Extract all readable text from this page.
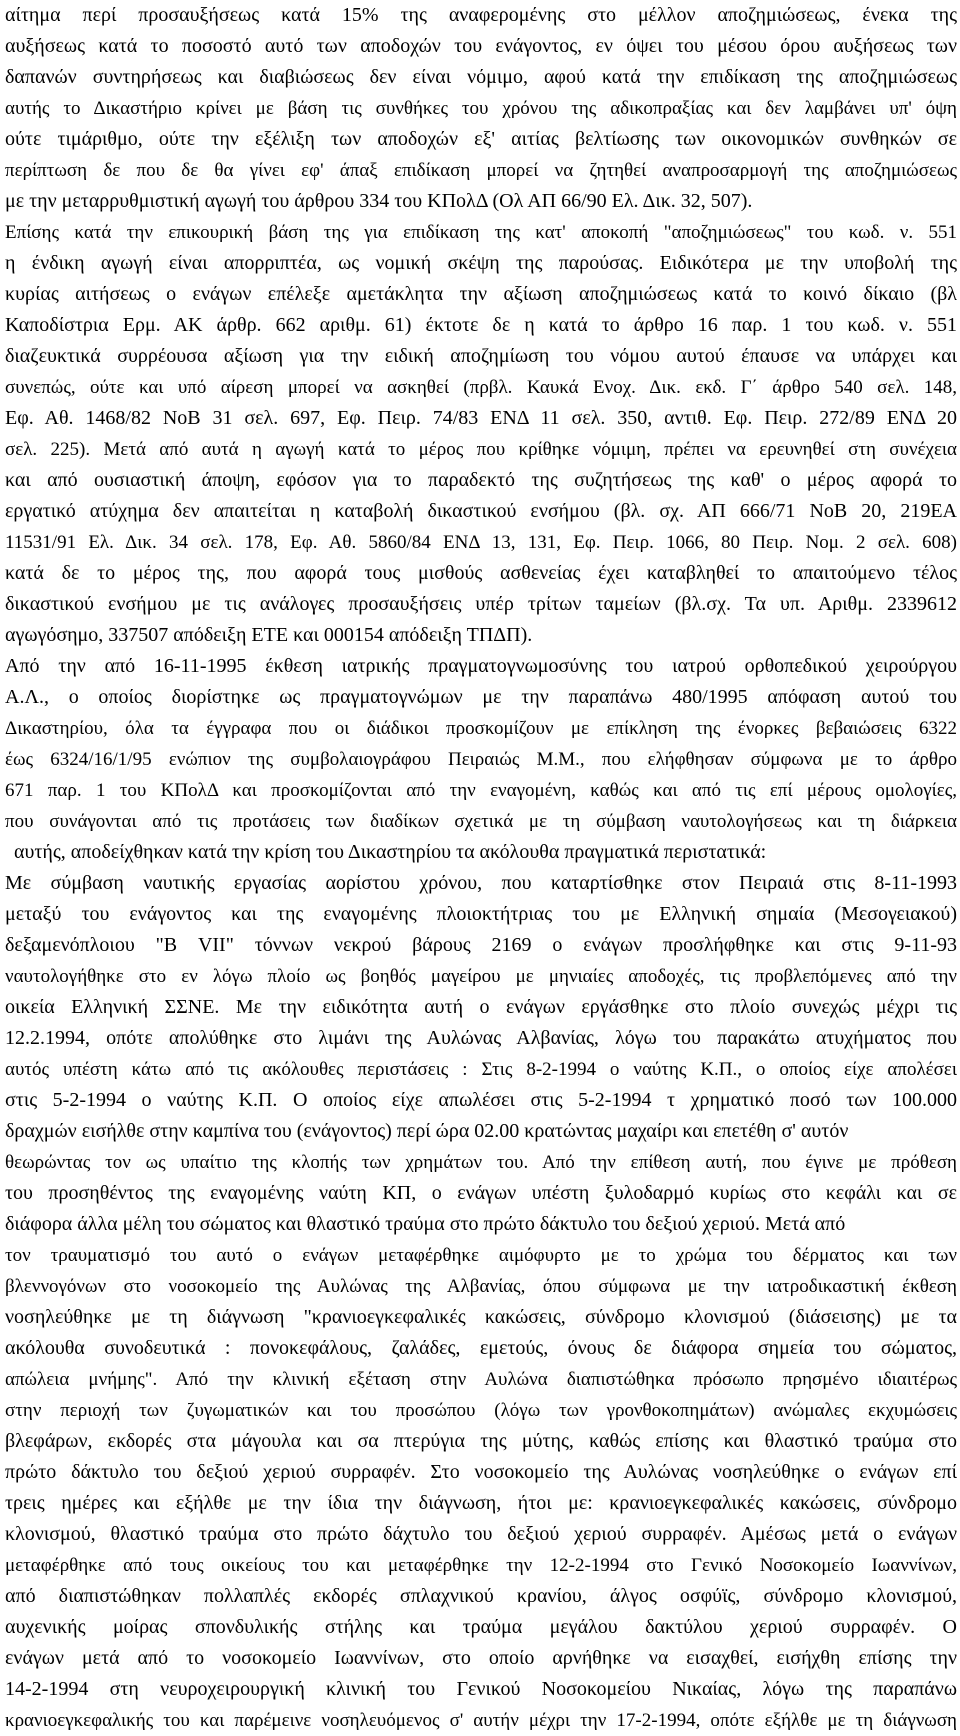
αίτημα περί προσαυξήσεως κατά 15% της αναφερομένης στο μέλλον αποζημιώσεως, ένεκα της
αυξήσεως κατά το ποσοστό αυτό των αποδοχών του ενάγοντος, εν όψει του μέσου όρου αυξήσεως των
δαπανών συντηρήσεως και διαβιώσεως δεν είναι νόμιμο, αφού κατά την επιδίκαση της αποζημιώσεως
αυτής το Δικαστήριο κρίνει με βάση τις συνθήκες του χρόνου της αδικοπραξίας και δεν λαμβάνει υπ' όψη
ούτε τιμάριθμο, ούτε την εξέλιξη των αποδοχών εξ' αιτίας βελτίωσης των οικονομικών συνθηκών σε
περίπτωση δε που δε θα γίνει εφ' άπαξ επιδίκαση μπορεί να ζητηθεί αναπροσαρμογή της αποζημιώσεως
με την μεταρρυθμιστική αγωγή του άρθρου 334 του ΚΠολΔ (Ολ ΑΠ 66/90 Ελ. Δικ. 32, 507).
Επίσης κατά την επικουρική βάση της για επιδίκαση της κατ' αποκοπή "αποζημιώσεως" του κωδ. ν. 551
η ένδικη αγωγή είναι απορριπτέα, ως νομική σκέψη της παρούσας. Ειδικότερα με την υποβολή της
κυρίας αιτήσεως ο ενάγων επέλεξε αμετάκλητα την αξίωση αποζημιώσεως κατά το κοινό δίκαιο (βλ
Καποδίστρια Ερμ. ΑΚ άρθρ. 662 αριθμ. 61) έκτοτε δε η κατά το άρθρο 16 παρ. 1 του κωδ. ν. 551
διαζευκτικά συρρέουσα αξίωση για την ειδική αποζημίωση του νόμου αυτού έπαυσε να υπάρχει και
συνεπώς, ούτε και υπό αίρεση μπορεί να ασκηθεί (πρβλ. Καυκά Ενοχ. Δικ. εκδ. Γ΄ άρθρο 540 σελ. 148,
Εφ. Αθ. 1468/82 ΝοΒ 31 σελ. 697, Εφ. Πειρ. 74/83 ΕΝΔ 11 σελ. 350, αντιθ. Εφ. Πειρ. 272/89 ΕΝΔ 20
σελ. 225). Μετά από αυτά η αγωγή κατά το μέρος που κρίθηκε νόμιμη, πρέπει να ερευνηθεί στη συνέχεια
και από ουσιαστική άποψη, εφόσον για το παραδεκτό της συζητήσεως της καθ' ο μέρος αφορά το
εργατικό ατύχημα δεν απαιτείται η καταβολή δικαστικού ενσήμου (βλ. σχ. ΑΠ 666/71 ΝοΒ 20, 219ΕΑ
11531/91 Ελ. Δικ. 34 σελ. 178, Εφ. Αθ. 5860/84 ΕΝΔ 13, 131, Εφ. Πειρ. 1066, 80 Πειρ. Νομ. 2 σελ. 608)
κατά δε το μέρος της, που αφορά τους μισθούς ασθενείας έχει καταβληθεί το απαιτούμενο τέλος
δικαστικού ενσήμου με τις ανάλογες προσαυξήσεις υπέρ τρίτων ταμείων (βλ.σχ. Τα υπ. Αριθμ. 2339612
αγωγόσημο, 337507 απόδειξη ΕΤΕ και 000154 απόδειξη ΤΠΔΠ).
Από την από 16-11-1995 έκθεση ιατρικής πραγματογνωμοσύνης του ιατρού ορθοπεδικού χειρούργου
Α.Λ., ο οποίος διορίστηκε ως πραγματογνώμων με την παραπάνω 480/1995 απόφαση αυτού του
Δικαστηρίου, όλα τα έγγραφα που οι διάδικοι προσκομίζουν με επίκληση της ένορκες βεβαιώσεις 6322
έως 6324/16/1/95 ενώπιον της συμβολαιογράφου Πειραιώς Μ.Μ., που ελήφθησαν σύμφωνα με το άρθρο
671 παρ. 1 του ΚΠολΔ και προσκομίζονται από την εναγομένη, καθώς και από τις επί μέρους ομολογίες,
που συνάγονται από τις προτάσεις των διαδίκων σχετικά με τη σύμβαση ναυτολογήσεως και τη διάρκεια
αυτής, αποδείχθηκαν κατά την κρίση του Δικαστηρίου τα ακόλουθα πραγματικά περιστατικά:
Με σύμβαση ναυτικής εργασίας αορίστου χρόνου, που καταρτίσθηκε στον Πειραιά στις 8-11-1993
μεταξύ του ενάγοντος και της εναγομένης πλοιοκτήτριας του με Ελληνική σημαία (Μεσογειακού)
δεξαμενόπλοιου "Β VII" τόννων νεκρού βάρους 2169 ο ενάγων προσλήφθηκε και στις 9-11-93
ναυτολογήθηκε στο εν λόγω πλοίο ως βοηθός μαγείρου με μηνιαίες αποδοχές, τις προβλεπόμενες από την
οικεία Ελληνική ΣΣΝΕ. Με την ειδικότητα αυτή ο ενάγων εργάσθηκε στο πλοίο συνεχώς μέχρι τις
12.2.1994, οπότε απολύθηκε στο λιμάνι της Αυλώνας Αλβανίας, λόγω του παρακάτω ατυχήματος που
αυτός υπέστη κάτω από τις ακόλουθες περιστάσεις : Στις 8-2-1994 ο ναύτης Κ.Π., ο οποίος είχε απολέσει
στις 5-2-1994 ο ναύτης Κ.Π. Ο οποίος είχε απωλέσει στις 5-2-1994 τ χρηματικό ποσό των 100.000
δραχμών εισήλθε στην καμπίνα του (ενάγοντος) περί ώρα 02.00 κρατώντας μαχαίρι και επετέθη σ' αυτόν
θεωρώντας τον ως υπαίτιο της κλοπής των χρημάτων του. Από την επίθεση αυτή, που έγινε με πρόθεση
του προσηθέντος της εναγομένης ναύτη ΚΠ, ο ενάγων υπέστη ξυλοδαρμό κυρίως στο κεφάλι και σε
διάφορα άλλα μέλη του σώματος και θλαστικό τραύμα στο πρώτο δάκτυλο του δεξιού χεριού. Μετά από
τον τραυματισμό του αυτό ο ενάγων μεταφέρθηκε αιμόφυρτο με το χρώμα του δέρματος και των
βλεννογόνων στο νοσοκομείο της Αυλώνας της Αλβανίας, όπου σύμφωνα με την ιατροδικαστική έκθεση
νοσηλεύθηκε με τη διάγνωση "κρανιοεγκεφαλικές κακώσεις, σύνδρομο κλονισμού (διάσεισης) με τα
ακόλουθα συνοδευτικά : πονοκεφάλους, ζαλάδες, εμετούς, όνους δε διάφορα σημεία του σώματος,
απώλεια μνήμης". Από την κλινική εξέταση στην Αυλώνα διαπιστώθηκα πρόσωπο πρησμένο ιδιαιτέρως
στην περιοχή των ζυγωματικών και του προσώπου (λόγω των γρονθοκοπημάτων) ανώμαλες εκχυμώσεις
βλεφάρων, εκδορές στα μάγουλα και σα πτερύγια της μύτης, καθώς επίσης και θλαστικό τραύμα στο
πρώτο δάκτυλο του δεξιού χεριού συρραφέν. Στο νοσοκομείο της Αυλώνας νοσηλεύθηκε ο ενάγων επί
τρεις ημέρες και εξήλθε με την ίδια την διάγνωση, ήτοι με: κρανιοεγκεφαλικές κακώσεις, σύνδρομο
κλονισμού, θλαστικό τραύμα στο πρώτο δάχτυλο του δεξιού χεριού συρραφέν. Αμέσως μετά ο ενάγων
μεταφέρθηκε από τους οικείους του και μεταφέρθηκε την 12-2-1994 στο Γενικό Νοσοκομείο Ιωαννίνων,
από διαπιστώθηκαν πολλαπλές εκδορές σπλαχνικού κρανίου, άλγος οσφύϊς, σύνδρομο κλονισμού,
αυχενικής μοίρας σπονδυλικής στήλης και τραύμα μεγάλου δακτύλου χεριού συρραφέν. Ο
ενάγων μετά από το νοσοκομείο Ιωαννίνων, στο οποίο αρνήθηκε να εισαχθεί, εισήχθη επίσης την
14-2-1994 στη νευροχειρουργική κλινική του Γενικού Νοσοκομείου Νικαίας, λόγω της παραπάνω
κρανιοεγκεφαλικής του και παρέμεινε νοσηλευόμενος σ' αυτήν μέχρι την 17-2-1994, οπότε εξήλθε με τη διάγνωση
